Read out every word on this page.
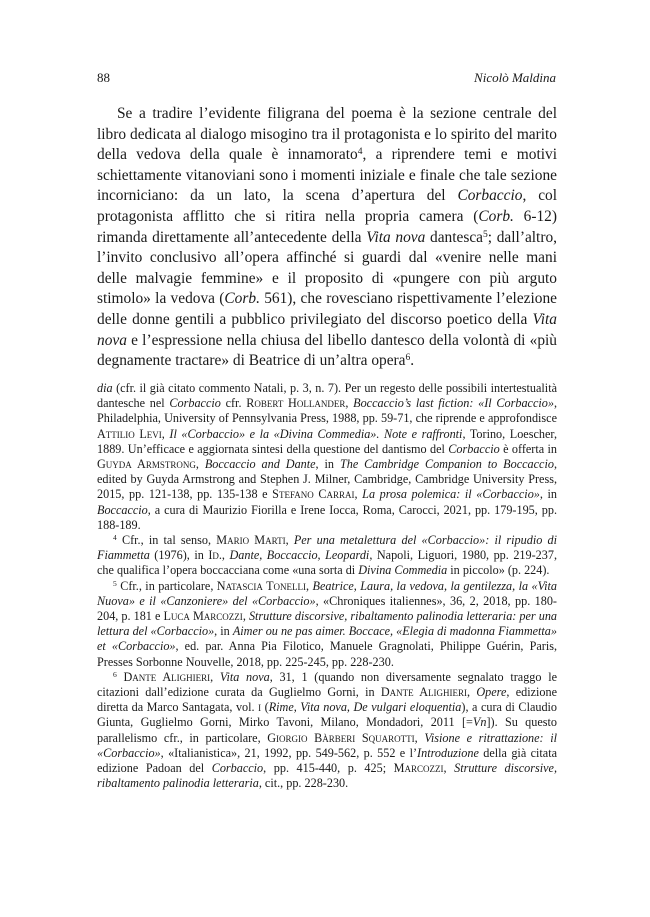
88	Nicolò Maldina

Se a tradire l’evidente filigrana del poema è la sezione centrale del libro dedicata al dialogo misogino tra il protagonista e lo spirito del marito della vedova della quale è innamorato$^4$, a riprendere temi e motivi schiettamente vitanoviani sono i momenti iniziale e finale che tale sezione incorniciano: da un lato, la scena d’apertura del Corbaccio, col protagonista afflitto che si ritira nella propria camera (Corb. 6-12) rimanda direttamente all’antecedente della Vita nova dantesca$^5$; dall’altro, l’invito conclusivo all’opera affinché si guardi dal «venire nelle mani delle malvagie femmine» e il proposito di «pungere con più arguto stimolo» la vedova (Corb. 561), che rovesciano rispettivamente l’elezione delle donne gentili a pubblico privilegiato del discorso poetico della Vita nova e l’espressione nella chiusa del libello dantesco della volontà di «più degnamente tractare» di Beatrice di un’altra opera$^6$.

dia (cfr. il già citato commento Natali, p. 3, n. 7). Per un regesto delle possibili intertestualità dantesche nel Corbaccio cfr. Robert Hollander, Boccaccio’s last fiction: «Il Corbaccio», Philadelphia, University of Pennsylvania Press, 1988, pp. 59-71, che riprende e approfondisce Attilio Levi, Il «Corbaccio» e la «Divina Commedia». Note e raffronti, Torino, Loescher, 1889. Un’efficace e aggiornata sintesi della questione del dantismo del Corbaccio è offerta in Guyda Armstrong, Boccaccio and Dante, in The Cambridge Companion to Boccaccio, edited by Guyda Armstrong and Stephen J. Milner, Cambridge, Cambridge University Press, 2015, pp. 121-138, pp. 135-138 e Stefano Carrai, La prosa polemica: il «Corbaccio», in Boccaccio, a cura di Maurizio Fiorilla e Irene Iocca, Roma, Carocci, 2021, pp. 179-195, pp. 188-189.

$^4$ Cfr., in tal senso, Mario Marti, Per una metalettura del «Corbaccio»: il ripudio di Fiammetta (1976), in Id., Dante, Boccaccio, Leopardi, Napoli, Liguori, 1980, pp. 219-237, che qualifica l’opera boccacciana come «una sorta di Divina Commedia in piccolo» (p. 224).

$^5$ Cfr., in particolare, Natascia Tonelli, Beatrice, Laura, la vedova, la gentilezza, la «Vita Nuova» e il «Canzoniere» del «Corbaccio», «Chroniques italiennes», 36, 2, 2018, pp. 180-204, p. 181 e Luca Marcozzi, Strutture discorsive, ribaltamento palinodia letteraria: per una lettura del «Corbaccio», in Aimer ou ne pas aimer. Boccace, «Elegia di madonna Fiammetta» et «Corbaccio», ed. par. Anna Pia Filotico, Manuele Gragnolati, Philippe Guérin, Paris, Presses Sorbonne Nouvelle, 2018, pp. 225-245, pp. 228-230.

$^6$ Dante Alighieri, Vita nova, 31, 1 (quando non diversamente segnalato traggo le citazioni dall’edizione curata da Guglielmo Gorni, in Dante Alighieri, Opere, edizione diretta da Marco Santagata, vol. i (Rime, Vita nova, De vulgari eloquentia), a cura di Claudio Giunta, Guglielmo Gorni, Mirko Tavoni, Milano, Mondadori, 2011 [=Vn]). Su questo parallelismo cfr., in particolare, Giorgio Bàrberi Squarotti, Visione e ritrattazione: il «Corbaccio», «Italianistica», 21, 1992, pp. 549-562, p. 552 e l’Introduzione della già citata edizione Padoan del Corbaccio, pp. 415-440, p. 425; Marcozzi, Strutture discorsive, ribaltamento palinodia letteraria, cit., pp. 228-230.
